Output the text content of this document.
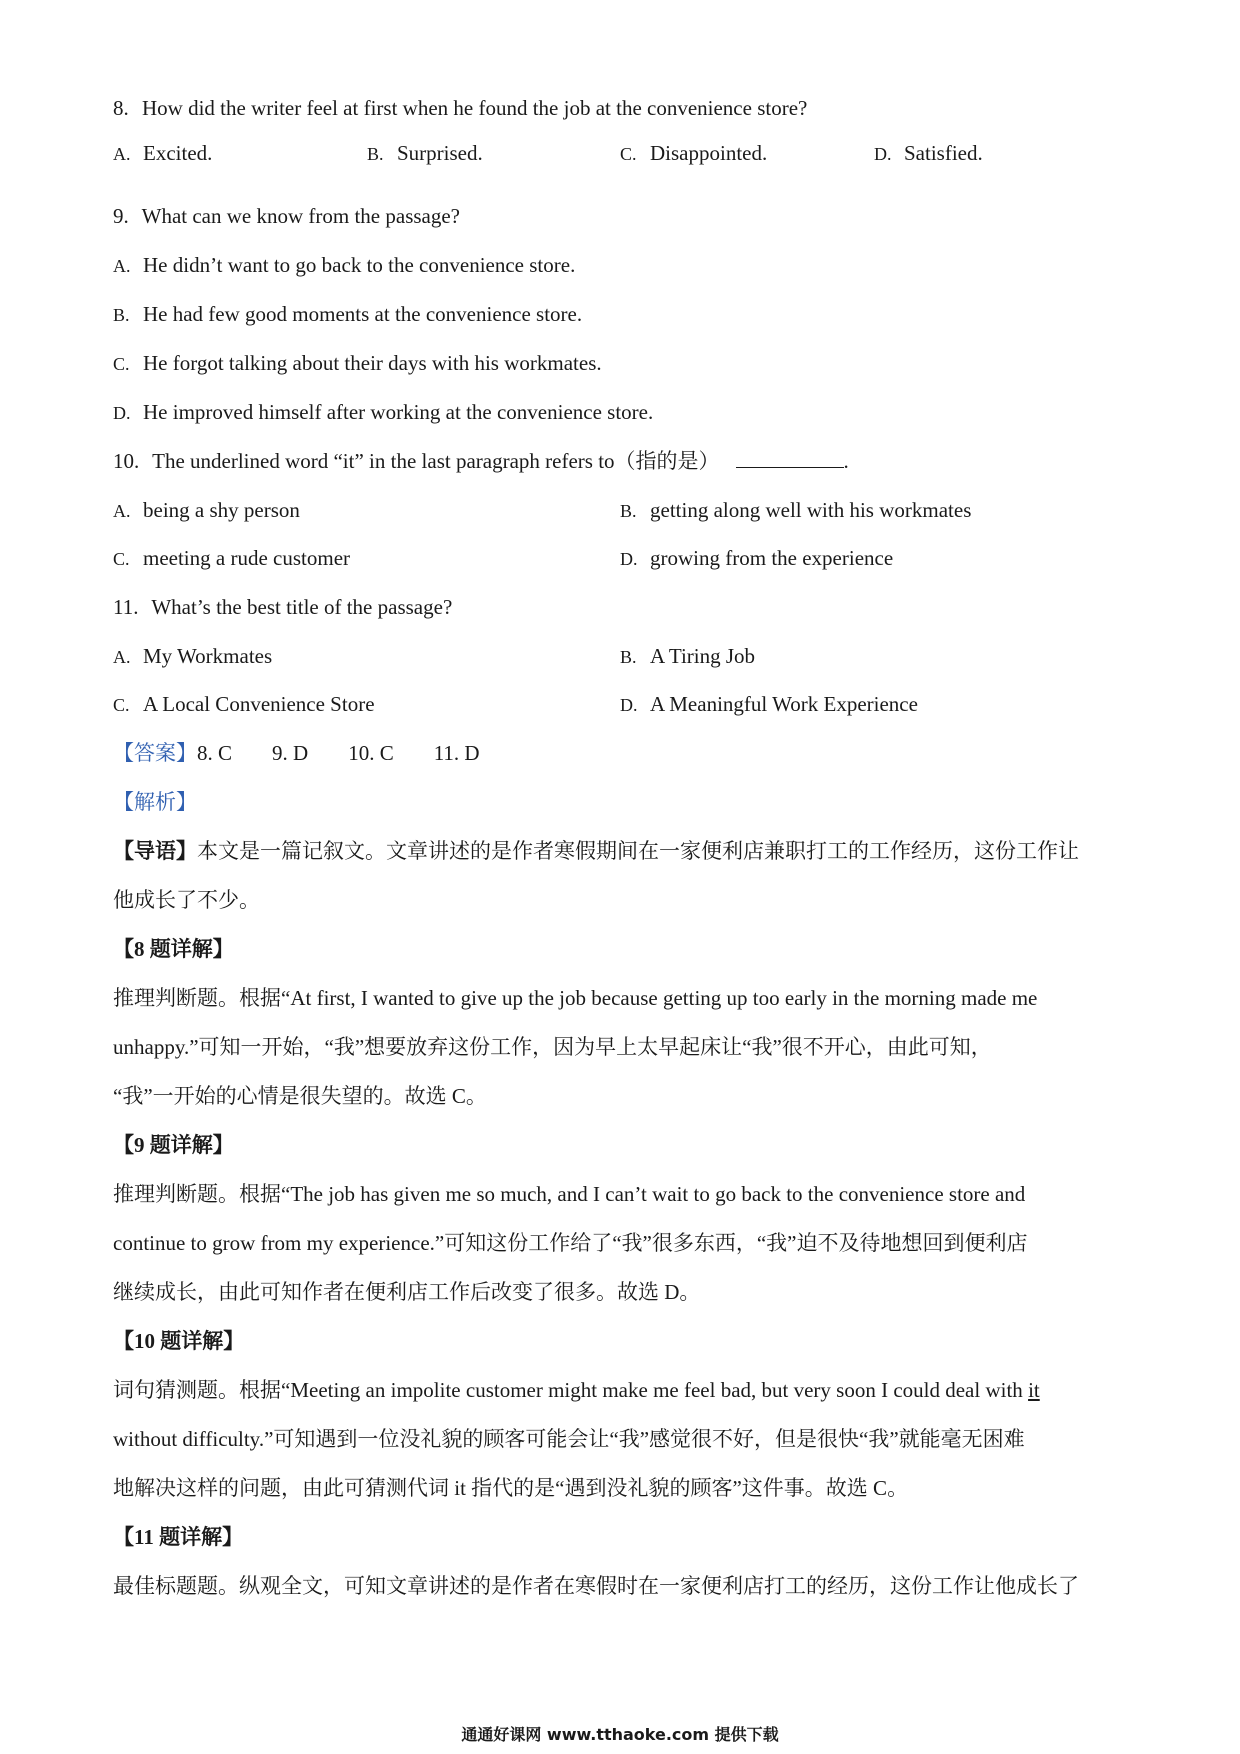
8. How did the writer feel at first when he found the job at the convenience store?
A. Excited.	B. Surprised.	C. Disappointed.	D. Satisfied.
9. What can we know from the passage?
A. He didn’t want to go back to the convenience store.
B. He had few good moments at the convenience store.
C. He forgot talking about their days with his workmates.
D. He improved himself after working at the convenience store.
10. The underlined word “it” in the last paragraph refers to（指的是）	.
A. being a shy person	B. getting along well with his workmates
C. meeting a rude customer	D. growing from the experience
11. What’s the best title of the passage?
A. My Workmates	B. A Tiring Job
C. A Local Convenience Store	D. A Meaningful Work Experience
【答案】8. C 9. D 10. C 11. D
【解析】
【导语】本文是一篇记叙文。文章讲述的是作者寒假期间在一家便利店兼职打工的工作经历，这份工作让
他成长了不少。
【8 题详解】
推理判断题。根据“At first, I wanted to give up the job because getting up too early in the morning made me
unhappy.”可知一开始，“我”想要放弃这份工作，因为早上太早起床让“我”很不开心，由此可知，
“我”一开始的心情是很失望的。故选 C。
【9 题详解】
推理判断题。根据“The job has given me so much, and I can’t wait to go back to the convenience store and
continue to grow from my experience.”可知这份工作给了“我”很多东西，“我”迫不及待地想回到便利店
继续成长，由此可知作者在便利店工作后改变了很多。故选 D。
【10 题详解】
词句猜测题。根据“Meeting an impolite customer might make me feel bad, but very soon I could deal with it
without difficulty.”可知遇到一位没礼貌的顾客可能会让“我”感觉很不好，但是很快“我”就能毫无困难
地解决这样的问题，由此可猜测代词 it 指代的是“遇到没礼貌的顾客”这件事。故选 C。
【11 题详解】
最佳标题题。纵观全文，可知文章讲述的是作者在寒假时在一家便利店打工的经历，这份工作让他成长了
通通好课网 www.tthaoke.com 提供下载
